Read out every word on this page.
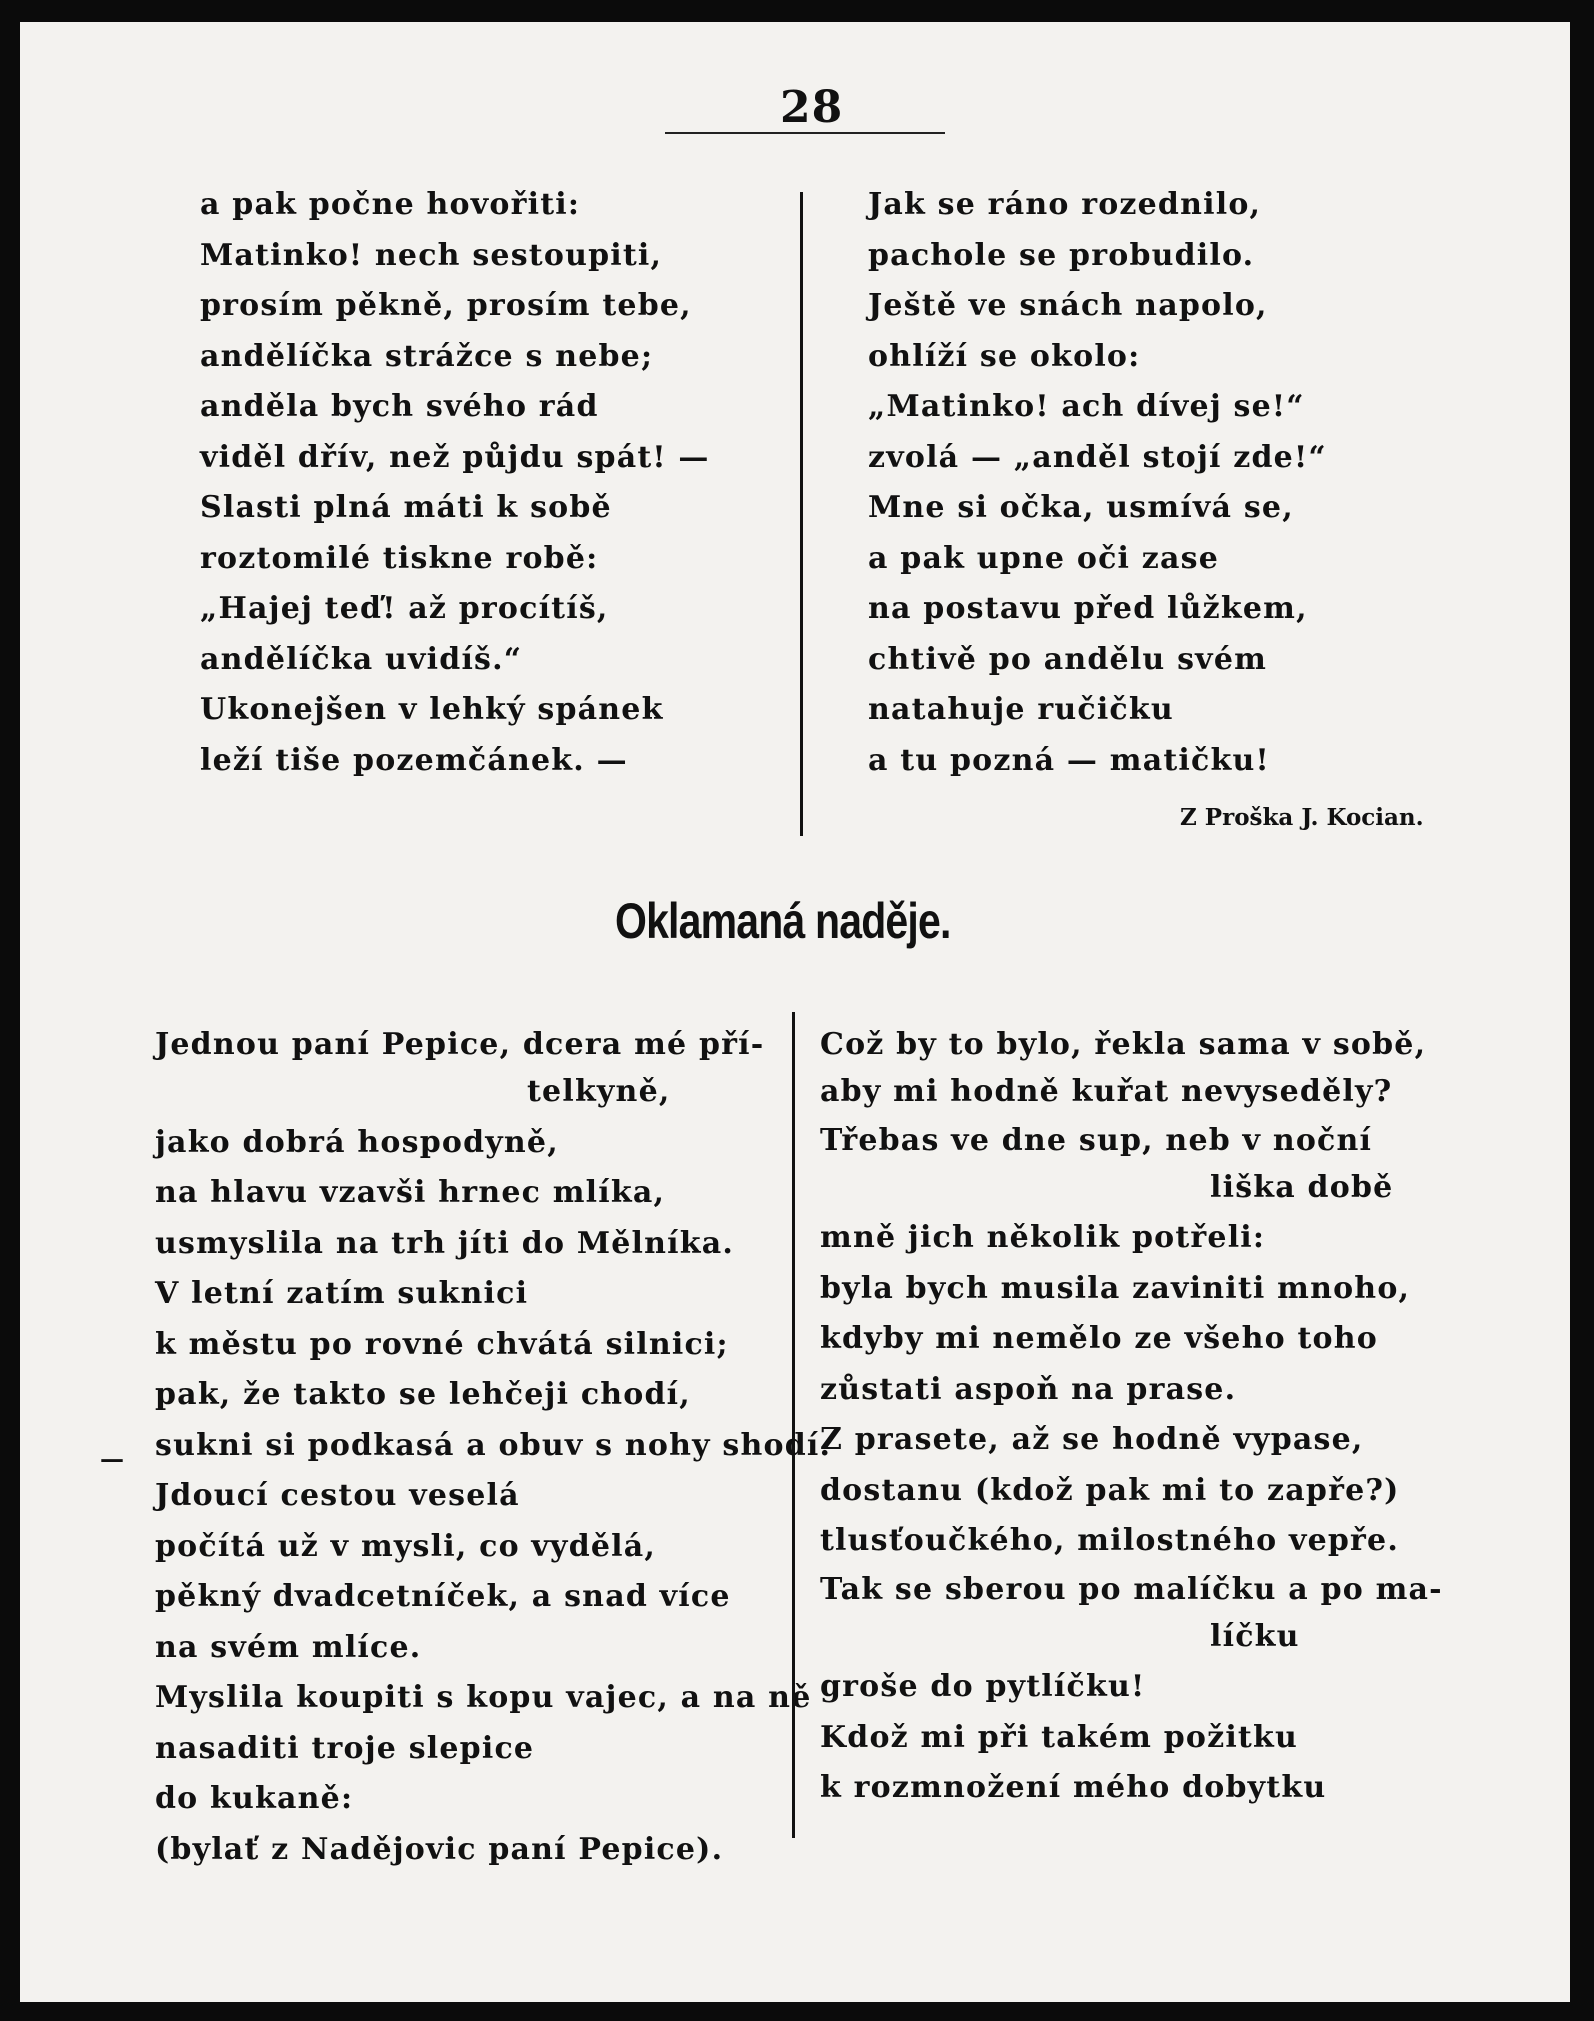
28
a pak počne hovořiti:
Matinko! nech sestoupiti,
prosím pěkně, prosím tebe,
andělíčka strážce s nebe;
anděla bych svého rád
viděl dřív, než půjdu spát! —
Slasti plná máti k sobě
roztomilé tiskne robě:
„Hajej teď! až procítíš,
andělíčka uvidíš.“
Ukonejšen v lehký spánek
leží tiše pozemčánek. —
Jak se ráno rozednilo,
pachole se probudilo.
Ještě ve snách napolo,
ohlíží se okolo:
„Matinko! ach dívej se!“
zvolá — „anděl stojí zde!“
Mne si očka, usmívá se,
a pak upne oči zase
na postavu před lůžkem,
chtivě po andělu svém
natahuje ručičku
a tu pozná — matičku!
Z Proška J. Kocian.
Oklamaná naděje.
Jednou paní Pepice, dcera mé pří-
telkyně,
jako dobrá hospodyně,
na hlavu vzavši hrnec mlíka,
usmyslila na trh jíti do Mělníka.
V letní zatím suknici
k městu po rovné chvátá silnici;
pak, že takto se lehčeji chodí,
sukni si podkasá a obuv s nohy shodí.
Jdoucí cestou veselá
počítá už v mysli, co vydělá,
pěkný dvadcetníček, a snad více
na svém mlíce.
Myslila koupiti s kopu vajec, a na ně
nasaditi troje slepice
do kukaně:
(bylať z Nadějovic paní Pepice).
Což by to bylo, řekla sama v sobě,
aby mi hodně kuřat nevyseděly?
Třebas ve dne sup, neb v noční
liška době
mně jich několik potřeli:
byla bych musila zaviniti mnoho,
kdyby mi nemělo ze všeho toho
zůstati aspoň na prase.
Z prasete, až se hodně vypase,
dostanu (kdož pak mi to zapře?)
tlusťoučkého, milostného vepře.
Tak se sberou po malíčku a po ma-
líčku
groše do pytlíčku!
Kdož mi při takém požitku
k rozmnožení mého dobytku
—
